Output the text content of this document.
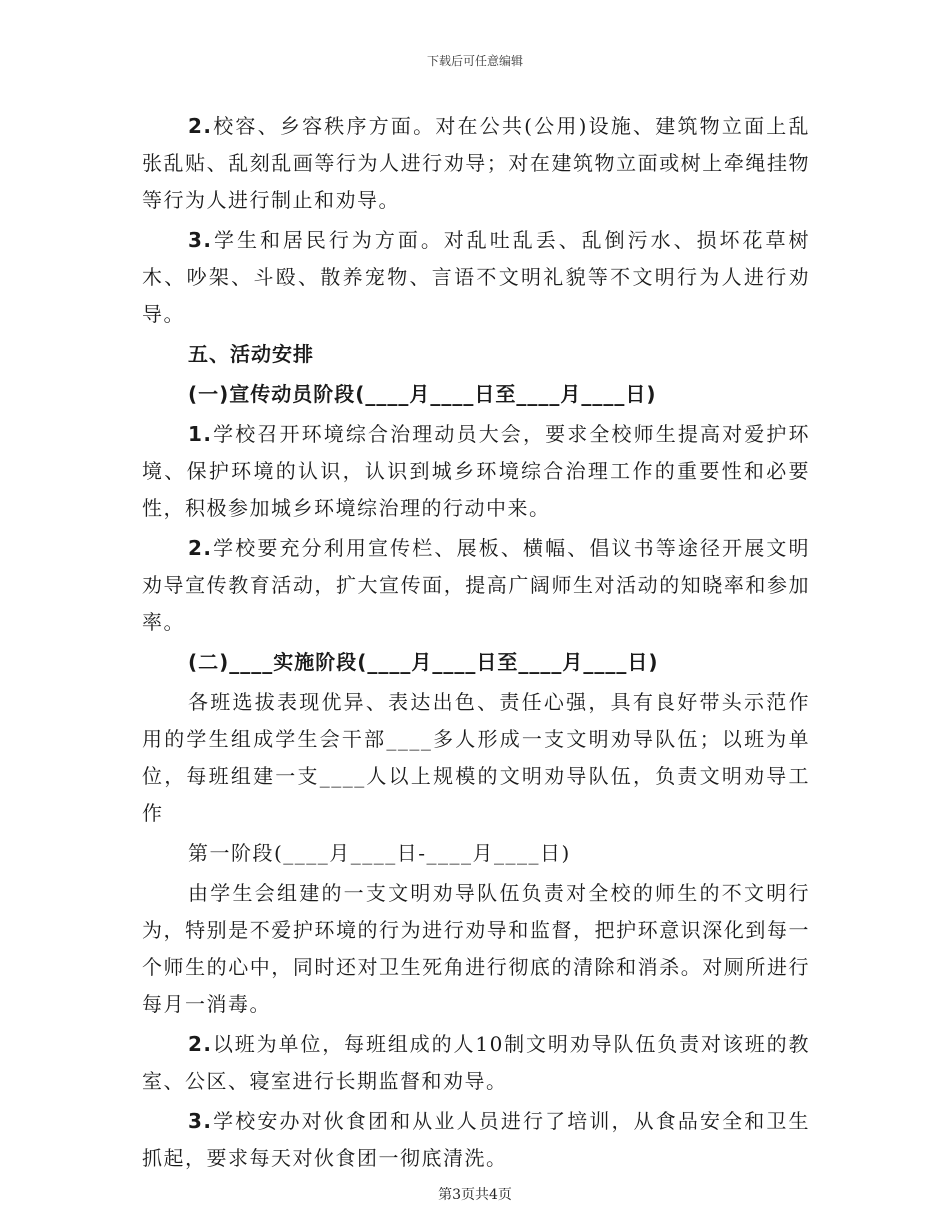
下载后可任意编辑

2.校容、乡容秩序方面。对在公共(公用)设施、建筑物立面上乱张乱贴、乱刻乱画等行为人进行劝导；对在建筑物立面或树上牵绳挂物等行为人进行制止和劝导。

3.学生和居民行为方面。对乱吐乱丢、乱倒污水、损坏花草树木、吵架、斗殴、散养宠物、言语不文明礼貌等不文明行为人进行劝导。

五、活动安排

(一)宣传动员阶段(____月____日至____月____日)

1.学校召开环境综合治理动员大会，要求全校师生提高对爱护环境、保护环境的认识，认识到城乡环境综合治理工作的重要性和必要性，积极参加城乡环境综治理的行动中来。

2.学校要充分利用宣传栏、展板、横幅、倡议书等途径开展文明劝导宣传教育活动，扩大宣传面，提高广阔师生对活动的知晓率和参加率。

(二)____实施阶段(____月____日至____月____日)

各班选拔表现优异、表达出色、责任心强，具有良好带头示范作用的学生组成学生会干部____多人形成一支文明劝导队伍；以班为单位，每班组建一支____人以上规模的文明劝导队伍，负责文明劝导工作

第一阶段(____月____日-____月____日)

由学生会组建的一支文明劝导队伍负责对全校的师生的不文明行为，特别是不爱护环境的行为进行劝导和监督，把护环意识深化到每一个师生的心中，同时还对卫生死角进行彻底的清除和消杀。对厕所进行每月一消毒。

2.以班为单位，每班组成的人10制文明劝导队伍负责对该班的教室、公区、寝室进行长期监督和劝导。

3.学校安办对伙食团和从业人员进行了培训，从食品安全和卫生抓起，要求每天对伙食团一彻底清洗。

第3页共4页
